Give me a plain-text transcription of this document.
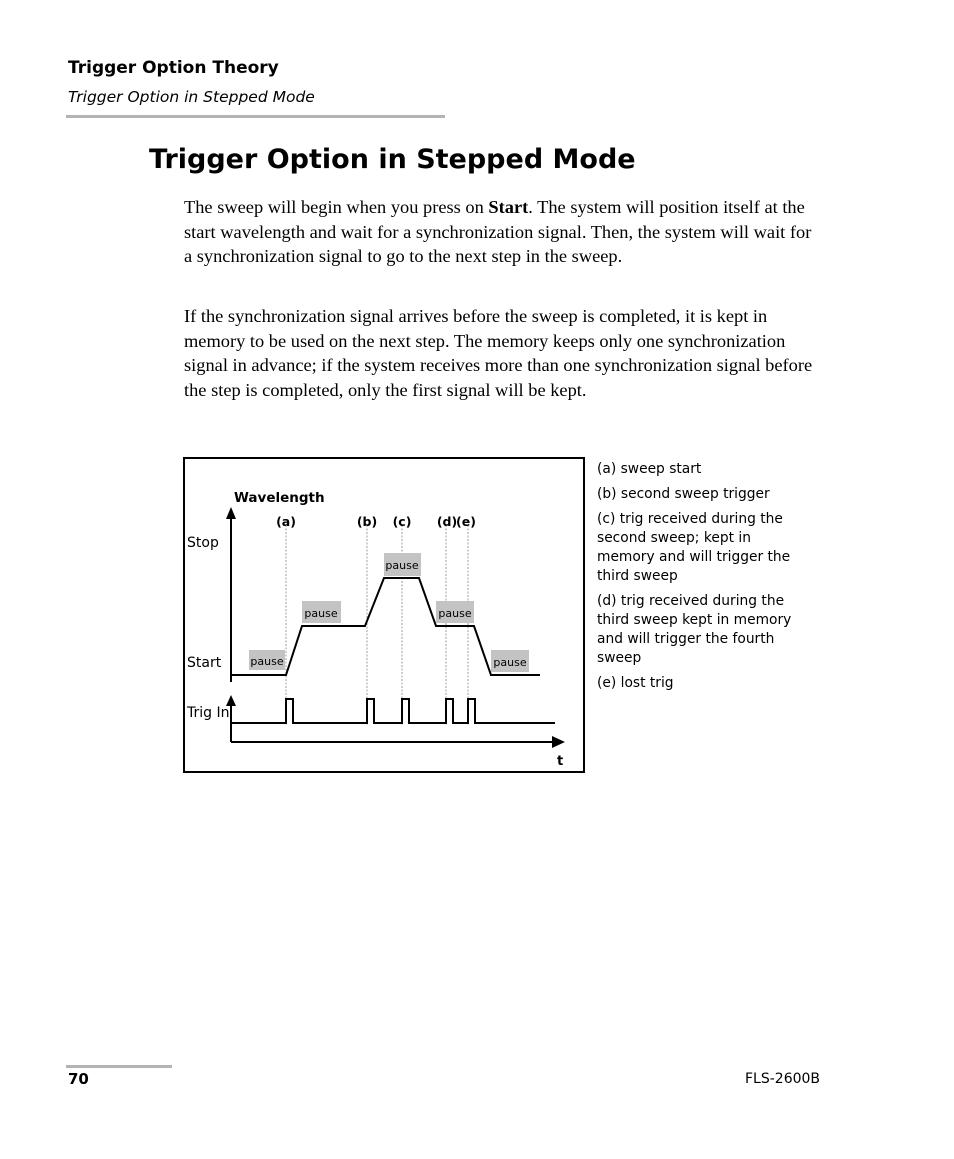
Trigger Option Theory
Trigger Option in Stepped Mode
Trigger Option in Stepped Mode

The sweep will begin when you press on Start. The system will position itself at the start wavelength and wait for a synchronization signal. Then, the system will wait for a synchronization signal to go to the next step in the sweep.

If the synchronization signal arrives before the sweep is completed, it is kept in memory to be used on the next step. The memory keeps only one synchronization signal in advance; if the system receives more than one synchronization signal before the step is completed, only the first signal will be kept.

Wavelength
Stop
Start
Trig In
t
(a)	(b) (c) (d)
(e)
pause
pause
pause
pause
pause
(a) sweep start
(b) second sweep trigger
(c) trig received during the second sweep; kept in memory and will trigger the third sweep
(d) trig received during the third sweep kept in memory and will trigger the fourth sweep
(e) lost trig
70	FLS-2600B
